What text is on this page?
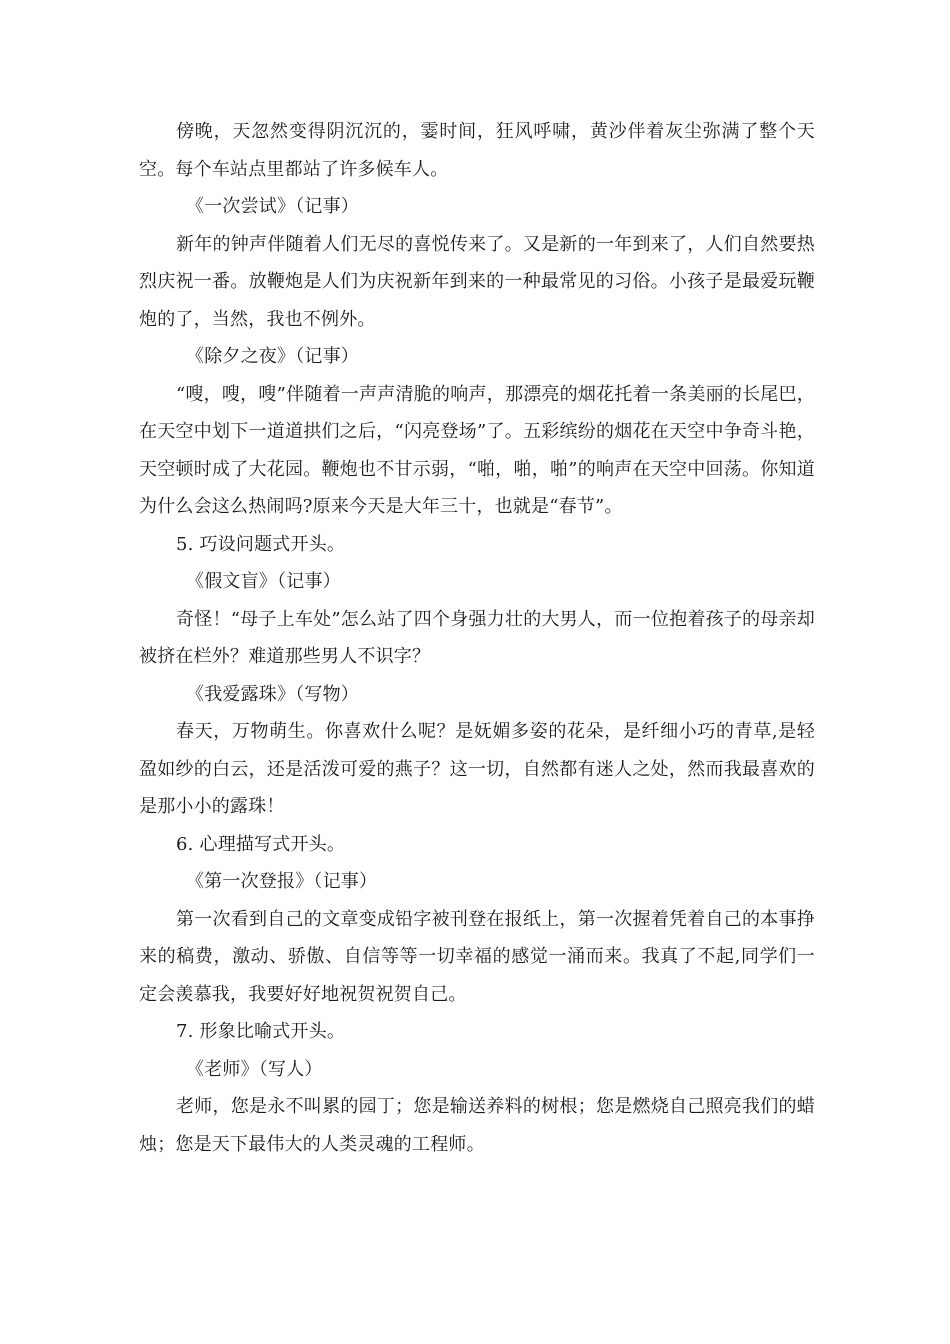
傍晚，天忽然变得阴沉沉的，霎时间，狂风呼啸，黄沙伴着灰尘弥满了整个天空。每个车站点里都站了许多候车人。

《一次尝试》（记事）

新年的钟声伴随着人们无尽的喜悦传来了。又是新的一年到来了，人们自然要热烈庆祝一番。放鞭炮是人们为庆祝新年到来的一种最常见的习俗。小孩子是最爱玩鞭炮的了，当然，我也不例外。

《除夕之夜》（记事）

“嗖，嗖，嗖”伴随着一声声清脆的响声，那漂亮的烟花托着一条美丽的长尾巴，在天空中划下一道道拱们之后，“闪亮登场”了。五彩缤纷的烟花在天空中争奇斗艳，天空顿时成了大花园。鞭炮也不甘示弱，“啪，啪，啪”的响声在天空中回荡。你知道为什么会这么热闹吗?原来今天是大年三十，也就是“春节”。

5. 巧设问题式开头。

《假文盲》（记事）

奇怪！“母子上车处”怎么站了四个身强力壮的大男人，而一位抱着孩子的母亲却被挤在栏外？难道那些男人不识字？

《我爱露珠》（写物）

春天，万物萌生。你喜欢什么呢？是妩媚多姿的花朵，是纤细小巧的青草,是轻盈如纱的白云，还是活泼可爱的燕子？这一切，自然都有迷人之处，然而我最喜欢的是那小小的露珠！

6. 心理描写式开头。

《第一次登报》（记事）

第一次看到自己的文章变成铅字被刊登在报纸上，第一次握着凭着自己的本事挣来的稿费，激动、骄傲、自信等等一切幸福的感觉一涌而来。我真了不起,同学们一定会羡慕我，我要好好地祝贺祝贺自己。

7. 形象比喻式开头。

《老师》（写人）

老师，您是永不叫累的园丁；您是输送养料的树根；您是燃烧自己照亮我们的蜡烛；您是天下最伟大的人类灵魂的工程师。
